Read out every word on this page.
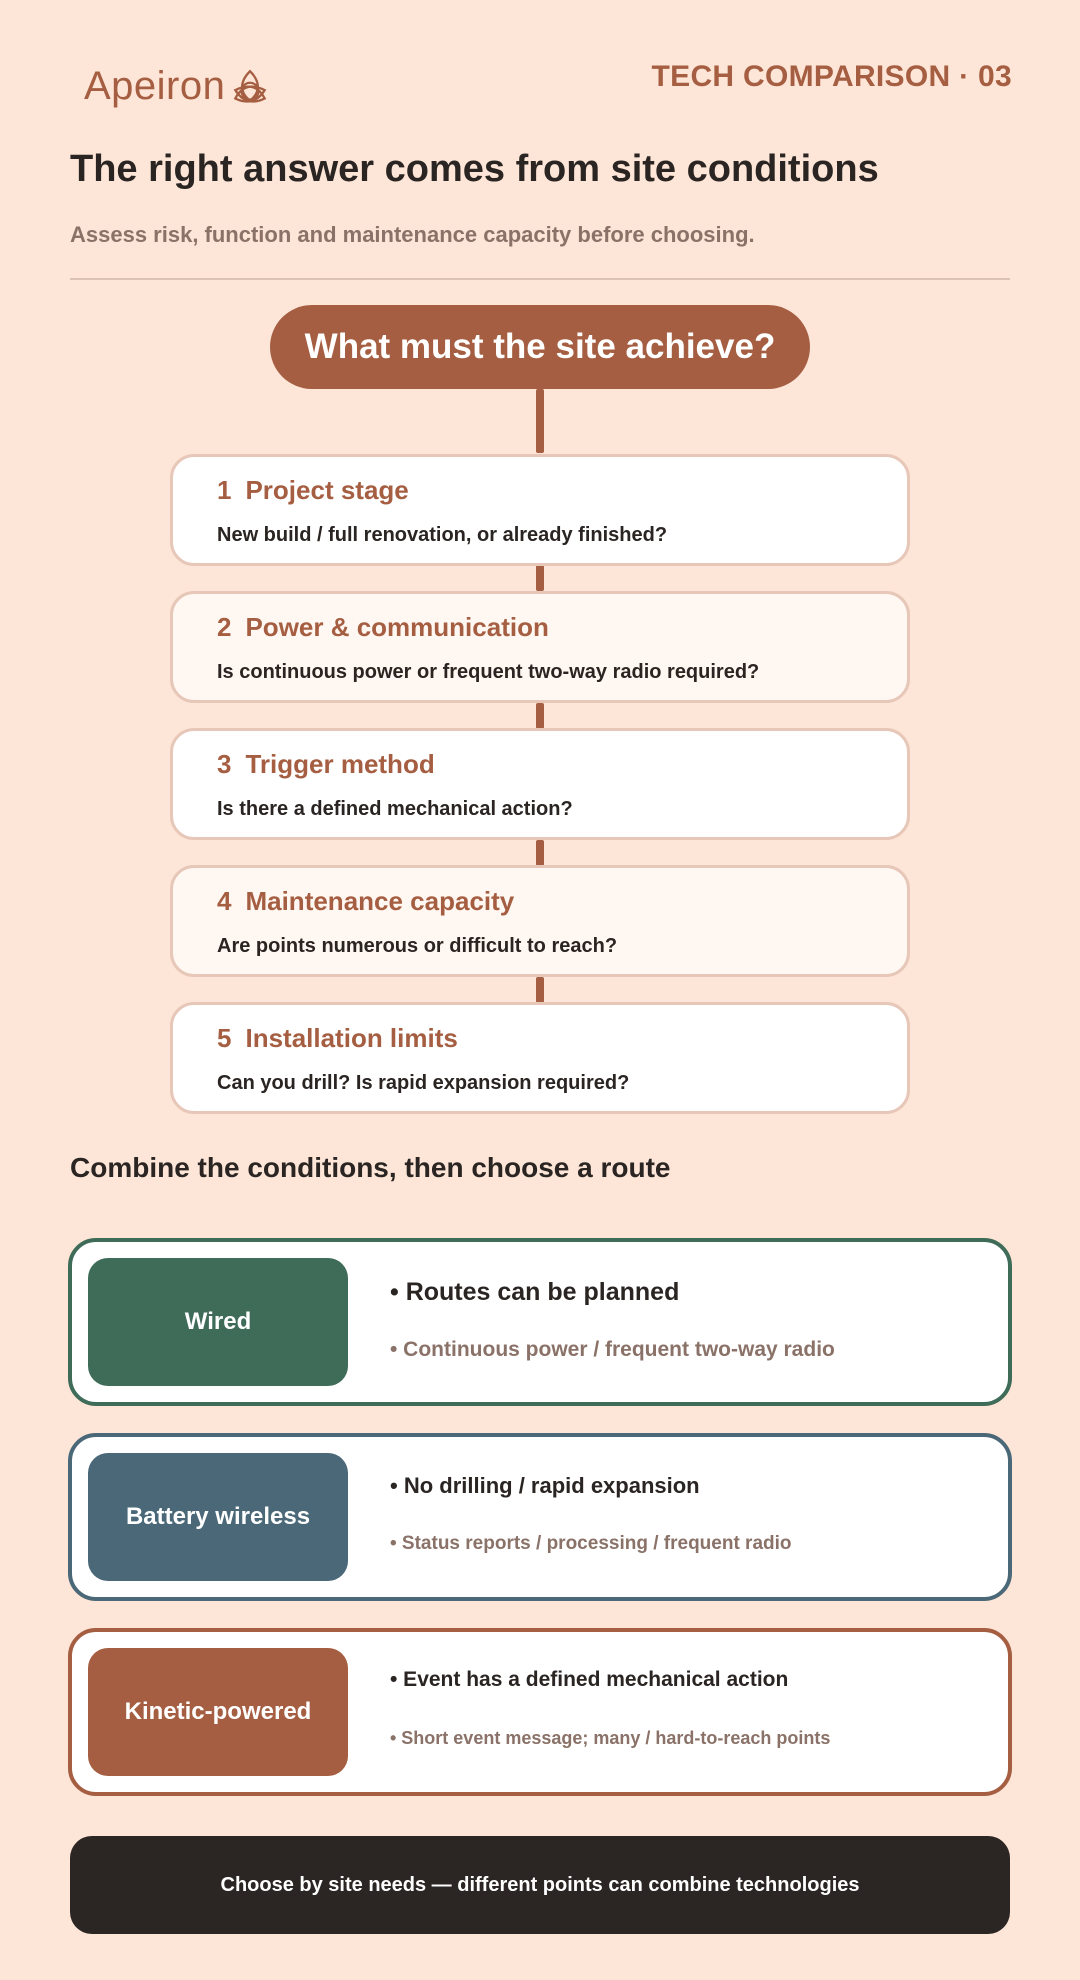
Apeiron	TECH COMPARISON · 03
The right answer comes from site conditions
Assess risk, function and maintenance capacity before choosing.
What must the site achieve?
1 Project stage
New build / full renovation, or already finished?
2 Power & communication
Is continuous power or frequent two-way radio required?
3 Trigger method
Is there a defined mechanical action?
4 Maintenance capacity
Are points numerous or difficult to reach?
5 Installation limits
Can you drill? Is rapid expansion required?
Combine the conditions, then choose a route
Wired
• Routes can be planned
• Continuous power / frequent two-way radio
Battery wireless
• No drilling / rapid expansion
• Status reports / processing / frequent radio
Kinetic-powered
• Event has a defined mechanical action
• Short event message; many / hard-to-reach points
Choose by site needs — different points can combine technologies
